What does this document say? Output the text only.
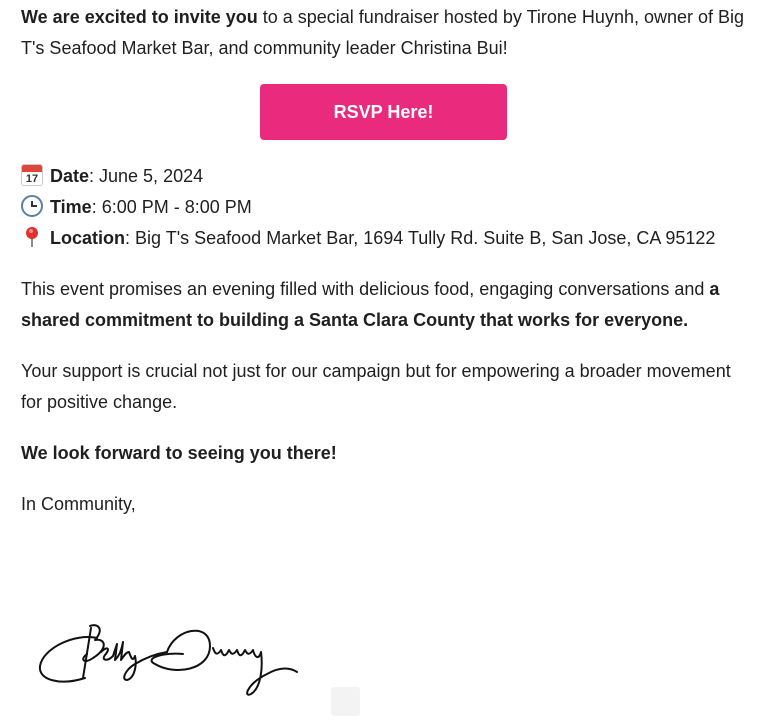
We are excited to invite you to a special fundraiser hosted by Tirone Huynh, owner of Big T's Seafood Market Bar, and community leader Christina Bui!

RSVP Here!
17 Date: June 5, 2024
Time: 6:00 PM - 8:00 PM
Location: Big T's Seafood Market Bar, 1694 Tully Rd. Suite B, San Jose, CA 95122

This event promises an evening filled with delicious food, engaging conversations and a shared commitment to building a Santa Clara County that works for everyone.

Your support is crucial not just for our campaign but for empowering a broader movement for positive change.

We look forward to seeing you there!

In Community,
